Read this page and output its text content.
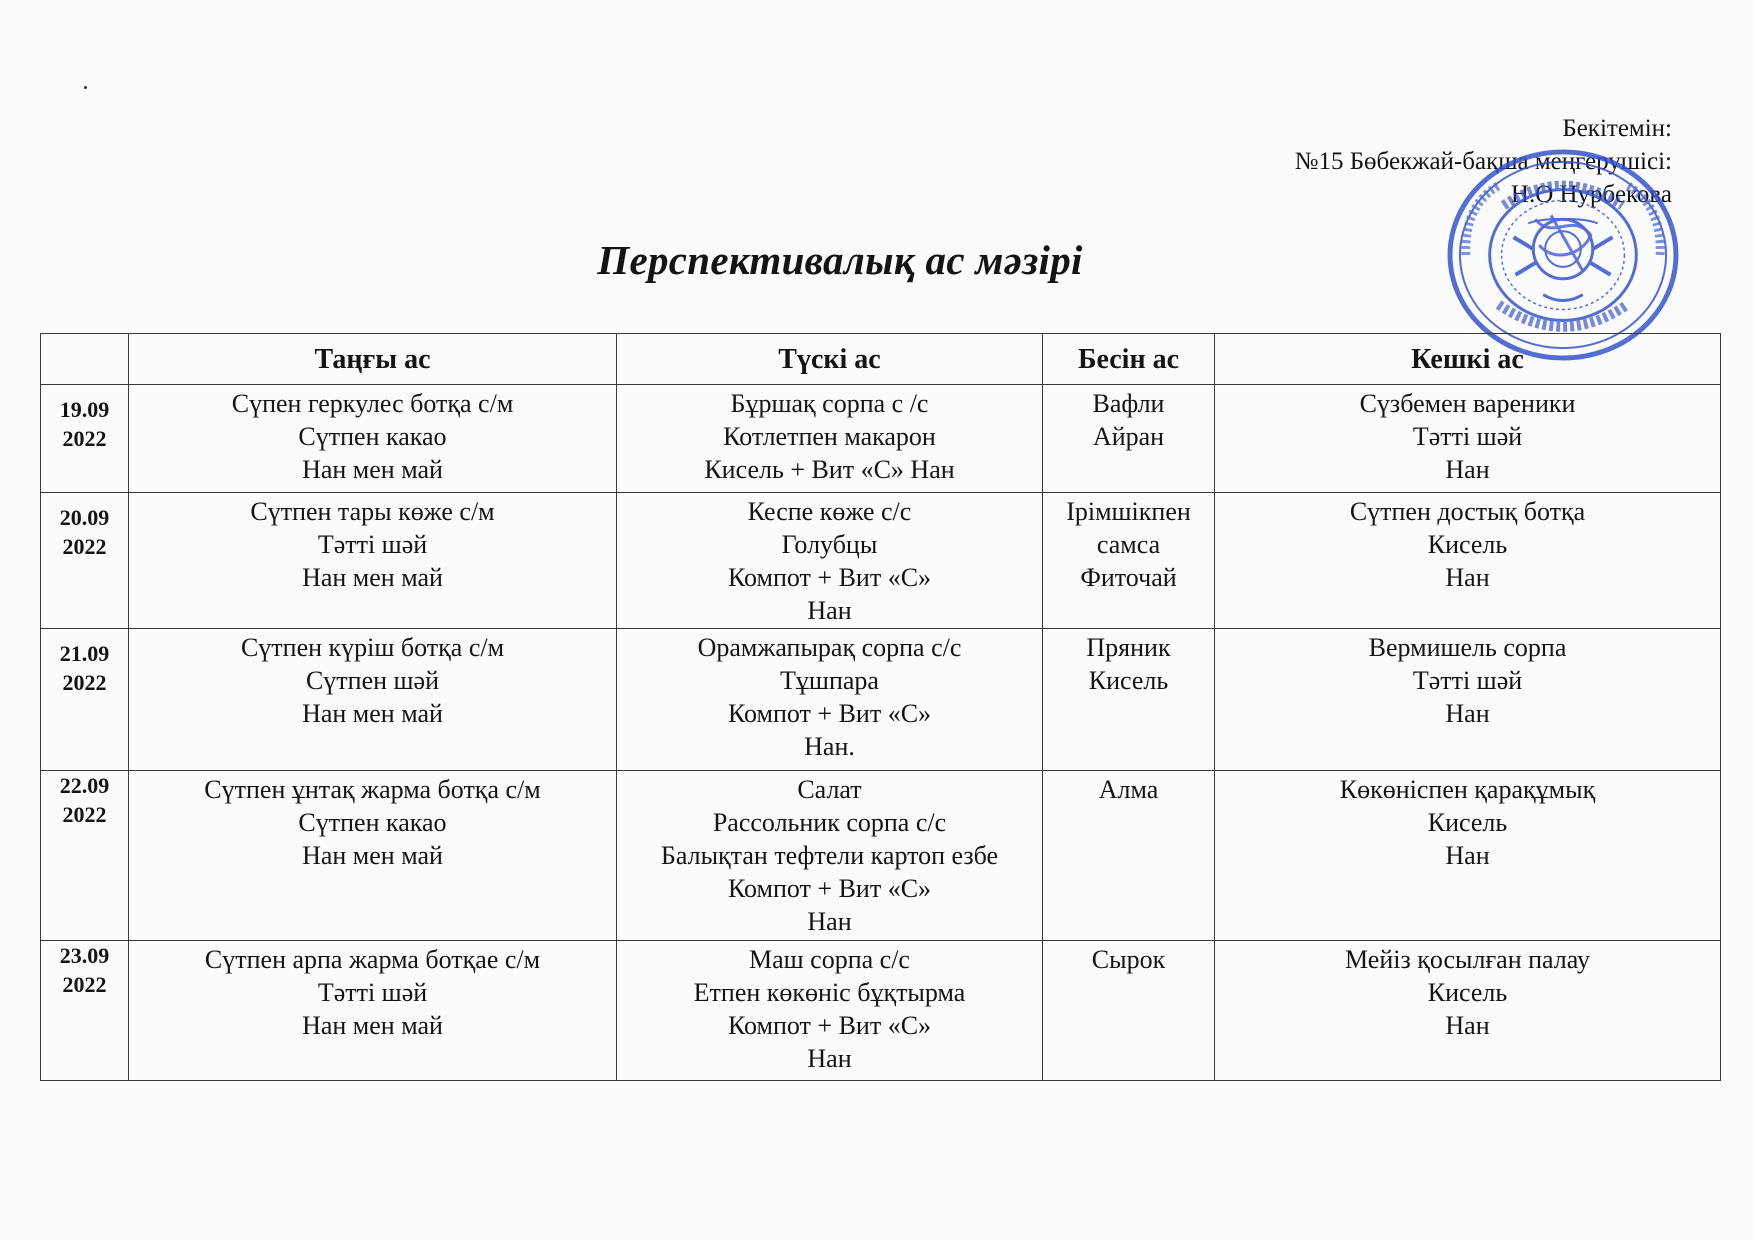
Бекітемін:
№15 Бөбекжай-бақша меңгерушісі:
Н.О Нурбекова
Перспективалық ас мәзірі
	Таңғы ас	Түскі ас	Бесін ас	Кешкі ас

19.09
2022	Сүпен геркулес ботқа с/м
Сүтпен какао
Нан мен май	Бұршақ сорпа с /с
Котлетпен макарон
Кисель + Вит «С» Нан	Вафли
Айран	Сүзбемен вареники
Тәтті шәй
Нан

20.09
2022	Сүтпен тары көже с/м
Тәтті шәй
Нан мен май	Кеспе көже с/с
Голубцы
Компот + Вит «С»
Нан	Ірімшікпен
самса
Фиточай	Сүтпен достық ботқа
Кисель
Нан

21.09
2022	Сүтпен күріш ботқа с/м
Сүтпен шәй
Нан мен май	Орамжапырақ сорпа с/с
Тұшпара
Компот + Вит «С»
Нан.	Пряник
Кисель	Вермишель сорпа
Тәтті шәй
Нан

22.09
2022	Сүтпен ұнтақ жарма ботқа с/м
Сүтпен какао
Нан мен май	Салат
Рассольник сорпа с/с
Балықтан тефтели картоп езбе
Компот + Вит «С»
Нан	Алма	Көкөніспен қарақұмық
Кисель
Нан

23.09
2022	Сүтпен арпа жарма ботқае с/м
Тәтті шәй
Нан мен май	Маш сорпа с/с
Етпен көкөніс бұқтырма
Компот + Вит «С»
Нан	Сырок	Мейіз қосылған палау
Кисель
Нан
